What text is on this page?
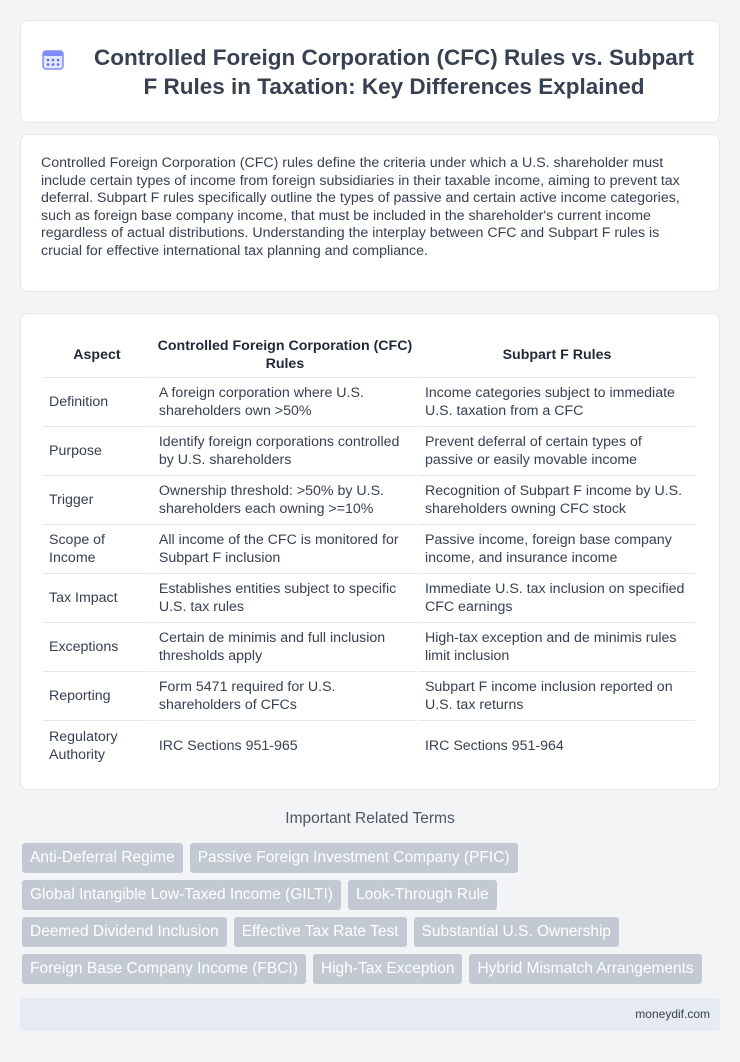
Controlled Foreign Corporation (CFC) Rules vs. Subpart F Rules in Taxation: Key Differences Explained

Controlled Foreign Corporation (CFC) rules define the criteria under which a U.S. shareholder must include certain types of income from foreign subsidiaries in their taxable income, aiming to prevent tax deferral. Subpart F rules specifically outline the types of passive and certain active income categories, such as foreign base company income, that must be included in the shareholder's current income regardless of actual distributions. Understanding the interplay between CFC and Subpart F rules is crucial for effective international tax planning and compliance.

Aspect	Controlled Foreign Corporation (CFC) Rules	Subpart F Rules
Definition	A foreign corporation where U.S. shareholders own >50%	Income categories subject to immediate U.S. taxation from a CFC
Purpose	Identify foreign corporations controlled by U.S. shareholders	Prevent deferral of certain types of passive or easily movable income
Trigger	Ownership threshold: >50% by U.S. shareholders each owning >=10%	Recognition of Subpart F income by U.S. shareholders owning CFC stock
Scope of Income	All income of the CFC is monitored for Subpart F inclusion	Passive income, foreign base company income, and insurance income
Tax Impact	Establishes entities subject to specific U.S. tax rules	Immediate U.S. tax inclusion on specified CFC earnings
Exceptions	Certain de minimis and full inclusion thresholds apply	High-tax exception and de minimis rules limit inclusion
Reporting	Form 5471 required for U.S. shareholders of CFCs	Subpart F income inclusion reported on U.S. tax returns
Regulatory Authority	IRC Sections 951-965	IRC Sections 951-964
Important Related Terms
Anti-Deferral Regime	Passive Foreign Investment Company (PFIC)
Global Intangible Low-Taxed Income (GILTI)	Look-Through Rule
Deemed Dividend Inclusion	Effective Tax Rate Test	Substantial U.S. Ownership
Foreign Base Company Income (FBCI)	High-Tax Exception	Hybrid Mismatch Arrangements
moneydif.com
